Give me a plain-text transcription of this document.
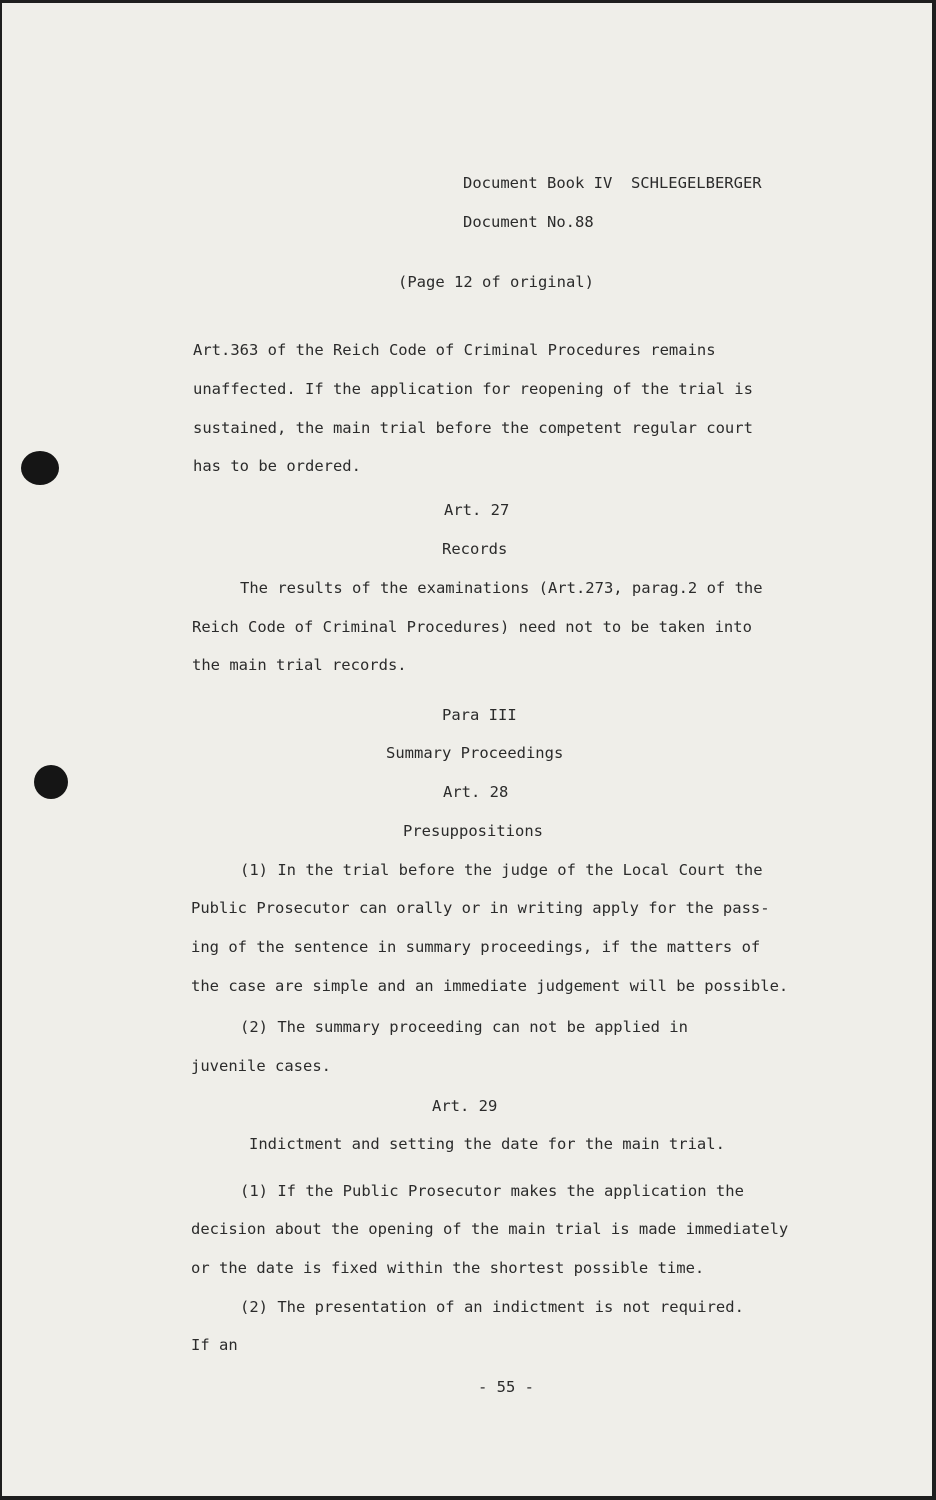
Document Book IV  SCHLEGELBERGER
Document No.88
(Page 12 of original)
Art.363 of the Reich Code of Criminal Procedures remains
unaffected. If the application for reopening of the trial is
sustained, the main trial before the competent regular court
has to be ordered.
Art. 27
Records
The results of the examinations (Art.273, parag.2 of the
Reich Code of Criminal Procedures) need not to be taken into
the main trial records.
Para III
Summary Proceedings
Art. 28
Presuppositions
(1) In the trial before the judge of the Local Court the
Public Prosecutor can orally or in writing apply for the pass-
ing of the sentence in summary proceedings, if the matters of
the case are simple and an immediate judgement will be possible.
(2) The summary proceeding can not be applied in
juvenile cases.
Art. 29
Indictment and setting the date for the main trial.
(1) If the Public Prosecutor makes the application the
decision about the opening of the main trial is made immediately
or the date is fixed within the shortest possible time.
(2) The presentation of an indictment is not required.
If an
- 55 -
